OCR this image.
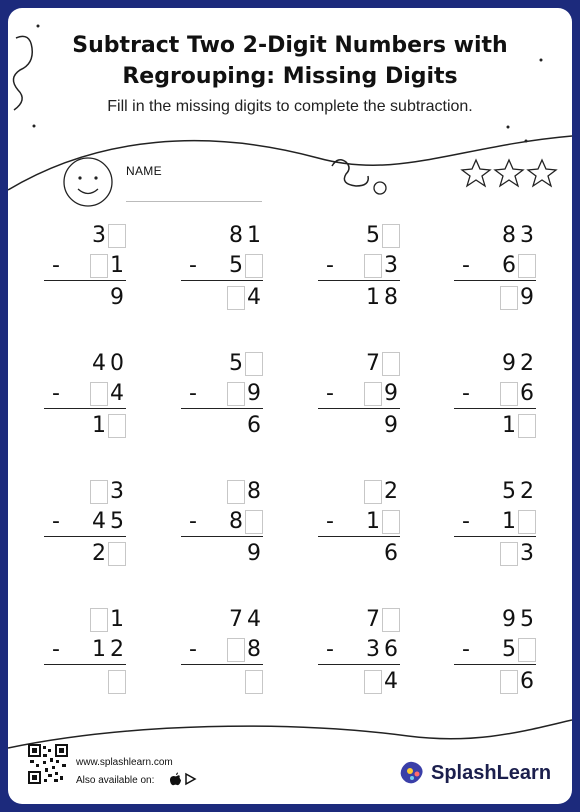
Subtract Two 2-Digit Numbers with
Regrouping: Missing Digits
Fill in the missing digits to complete the subtraction.
NAME
3
- 1
9
8 1
- 5
4
5
- 3
1 8
8 3
- 6
9
4 0
- 4
1
5
- 9
6
7
- 9
9
9 2
- 6
1
3
- 4 5
2
8
- 8
9
2
- 1
6
5 2
- 1
3
1
- 1 2
7 4
- 8
7
- 3 6
4
9 5
- 5
6
www.splashlearn.com
Also available on:	SplashLearn
